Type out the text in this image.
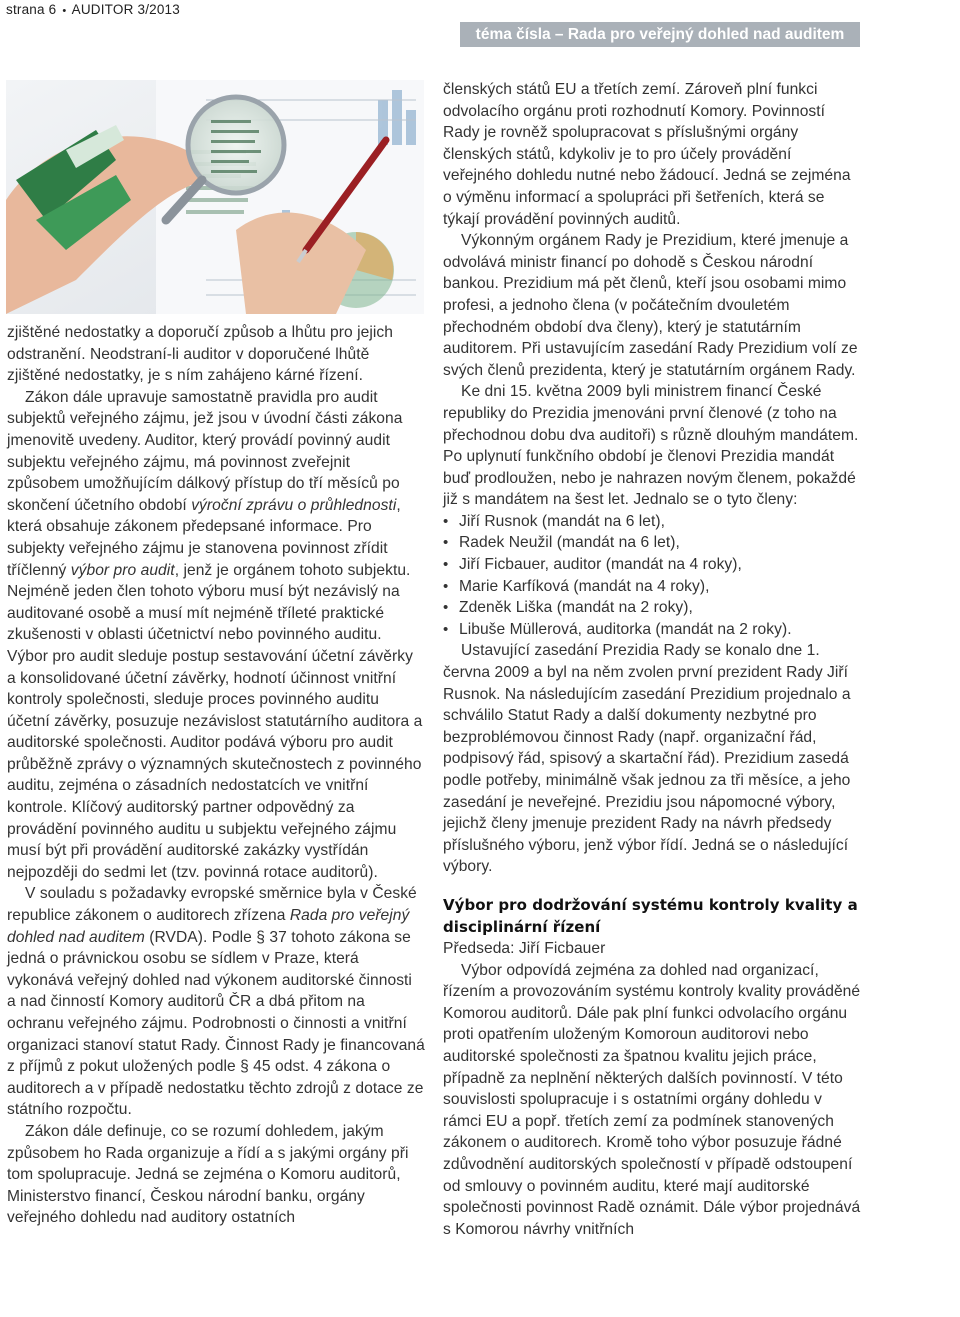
strana 6 • AUDITOR 3/2013
téma čísla – Rada pro veřejný dohled nad auditem

zjištěné nedostatky a doporučí způsob a lhůtu pro jejich odstranění. Neodstraní-li auditor v doporučené lhůtě zjištěné nedostatky, je s ním zahájeno kárné řízení.

Zákon dále upravuje samostatně pravidla pro audit subjektů veřejného zájmu, jež jsou v úvodní části zákona jmenovitě uvedeny. Auditor, který provádí povinný audit subjektu veřejného zájmu, má povinnost zveřejnit způsobem umožňujícím dálkový přístup do tří měsíců po skončení účetního období výroční zprávu o průhlednosti, která obsahuje zákonem předepsané informace. Pro subjekty veřejného zájmu je stanovena povinnost zřídit tříčlenný výbor pro audit, jenž je orgánem tohoto subjektu. Nejméně jeden člen tohoto výboru musí být nezávislý na auditované osobě a musí mít nejméně tříleté praktické zkušenosti v oblasti účetnictví nebo povinného auditu. Výbor pro audit sleduje postup sestavování účetní závěrky a konsolidované účetní závěrky, hodnotí účinnost vnitřní kontroly společnosti, sleduje proces povinného auditu účetní závěrky, posuzuje nezávislost statutárního auditora a auditorské společnosti. Auditor podává výboru pro audit průběžně zprávy o významných skutečnostech z povinného auditu, zejména o zásadních nedostatcích ve vnitřní kontrole. Klíčový auditorský partner odpovědný za provádění povinného auditu u subjektu veřejného zájmu musí být při provádění auditorské zakázky vystřídán nejpozději do sedmi let (tzv. povinná rotace auditorů).

V souladu s požadavky evropské směrnice byla v České republice zákonem o auditorech zřízena Rada pro veřejný dohled nad auditem (RVDA). Podle § 37 tohoto zákona se jedná o právnickou osobu se sídlem v Praze, která vykonává veřejný dohled nad výkonem auditorské činnosti a nad činností Komory auditorů ČR a dbá přitom na ochranu veřejného zájmu. Podrobnosti o činnosti a vnitřní organizaci stanoví statut Rady. Činnost Rady je financovaná z příjmů z pokut uložených podle § 45 odst. 4 zákona o auditorech a v případě nedostatku těchto zdrojů z dotace ze státního rozpočtu.

Zákon dále definuje, co se rozumí dohledem, jakým způsobem ho Rada organizuje a řídí a s jakými orgány při tom spolupracuje. Jedná se zejména o Komoru auditorů, Ministerstvo financí, Českou národní banku, orgány veřejného dohledu nad auditory ostatních

členských států EU a třetích zemí. Zároveň plní funkci odvolacího orgánu proti rozhodnutí Komory. Povinností Rady je rovněž spolupracovat s příslušnými orgány členských států, kdykoliv je to pro účely provádění veřejného dohledu nutné nebo žádoucí. Jedná se zejména o výměnu informací a spolupráci při šetřeních, která se týkají provádění povinných auditů.

Výkonným orgánem Rady je Prezidium, které jmenuje a odvolává ministr financí po dohodě s Českou národní bankou. Prezidium má pět členů, kteří jsou osobami mimo profesi, a jednoho člena (v počátečním dvouletém přechodném období dva členy), který je statutárním auditorem. Při ustavujícím zasedání Rady Prezidium volí ze svých členů prezidenta, který je statutárním orgánem Rady.

Ke dni 15. května 2009 byli ministrem financí České republiky do Prezidia jmenováni první členové (z toho na přechodnou dobu dva auditoři) s různě dlouhým mandátem. Po uplynutí funkčního období je členovi Prezidia mandát buď prodloužen, nebo je nahrazen novým členem, pokaždé již s mandátem na šest let. Jednalo se o tyto členy:

• Jiří Rusnok (mandát na 6 let),
• Radek Neužil (mandát na 6 let),
• Jiří Ficbauer, auditor (mandát na 4 roky),
• Marie Karfíková (mandát na 4 roky),
• Zdeněk Liška (mandát na 2 roky),
• Libuše Müllerová, auditorka (mandát na 2 roky).

Ustavující zasedání Prezidia Rady se konalo dne 1. června 2009 a byl na něm zvolen první prezident Rady Jiří Rusnok. Na následujícím zasedání Prezidium projednalo a schválilo Statut Rady a další dokumenty nezbytné pro bezproblémovou činnost Rady (např. organizační řád, podpisový řád, spisový a skartační řád). Prezidium zasedá podle potřeby, minimálně však jednou za tři měsíce, a jeho zasedání je neveřejné. Prezidiu jsou nápomocné výbory, jejichž členy jmenuje prezident Rady na návrh předsedy příslušného výboru, jenž výbor řídí. Jedná se o následující výbory.

Výbor pro dodržování systému kontroly kvality a disciplinární řízení

Předseda: Jiří Ficbauer

Výbor odpovídá zejména za dohled nad organizací, řízením a provozováním systému kontroly kvality prováděné Komorou auditorů. Dále pak plní funkci odvolacího orgánu proti opatřením uloženým Komoroun auditorovi nebo auditorské společnosti za špatnou kvalitu jejich práce, případně za neplnění některých dalších povinností. V této souvislosti spolupracuje i s ostatními orgány dohledu v rámci EU a popř. třetích zemí za podmínek stanovených zákonem o auditorech. Kromě toho výbor posuzuje řádné zdůvodnění auditorských společností v případě odstoupení od smlouvy o povinném auditu, které mají auditorské společnosti povinnost Radě oznámit. Dále výbor projednává s Komorou návrhy vnitřních
